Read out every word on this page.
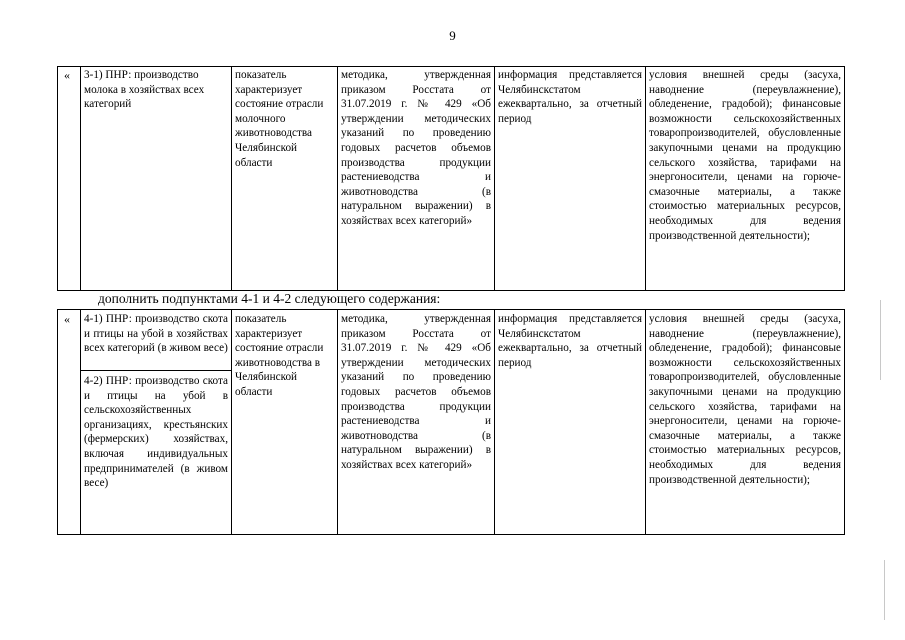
9
« 3-1) ПНР: производство молока в хозяйствах всех категорий
показатель характеризует состояние отрасли молочного животноводства Челябинской области
методика, утвержденная приказом Росстата от 31.07.2019 г. № 429 «Об утверждении методических указаний по проведению годовых расчетов объемов производства продукции растениеводства и животноводства (в натуральном выражении) в хозяйствах всех категорий»
информация представляется Челябинскстатом ежеквартально, за отчетный период
условия внешней среды (засуха, наводнение (переувлажнение), обледенение, градобой); финансовые возможности сельскохозяйственных товаропроизводителей, обусловленные закупочными ценами на продукцию сельского хозяйства, тарифами на энергоносители, ценами на горюче-смазочные материалы, а также стоимостью материальных ресурсов, необходимых для ведения производственной деятельности);
дополнить подпунктами 4-1 и 4-2 следующего содержания:
« 4-1) ПНР: производство скота и птицы на убой в хозяйствах всех категорий (в живом весе)
4-2) ПНР: производство скота и птицы на убой в сельскохозяйственных организациях, крестьянских (фермерских) хозяйствах, включая индивидуальных предпринимателей (в живом весе)
показатель характеризует состояние отрасли животноводства в Челябинской области
методика, утвержденная приказом Росстата от 31.07.2019 г. № 429 «Об утверждении методических указаний по проведению годовых расчетов объемов производства продукции растениеводства и животноводства (в натуральном выражении) в хозяйствах всех категорий»
информация представляется Челябинскстатом ежеквартально, за отчетный период
условия внешней среды (засуха, наводнение (переувлажнение), обледенение, градобой); финансовые возможности сельскохозяйственных товаропроизводителей, обусловленные закупочными ценами на продукцию сельского хозяйства, тарифами на энергоносители, ценами на горюче-смазочные материалы, а также стоимостью материальных ресурсов, необходимых для ведения производственной деятельности);
